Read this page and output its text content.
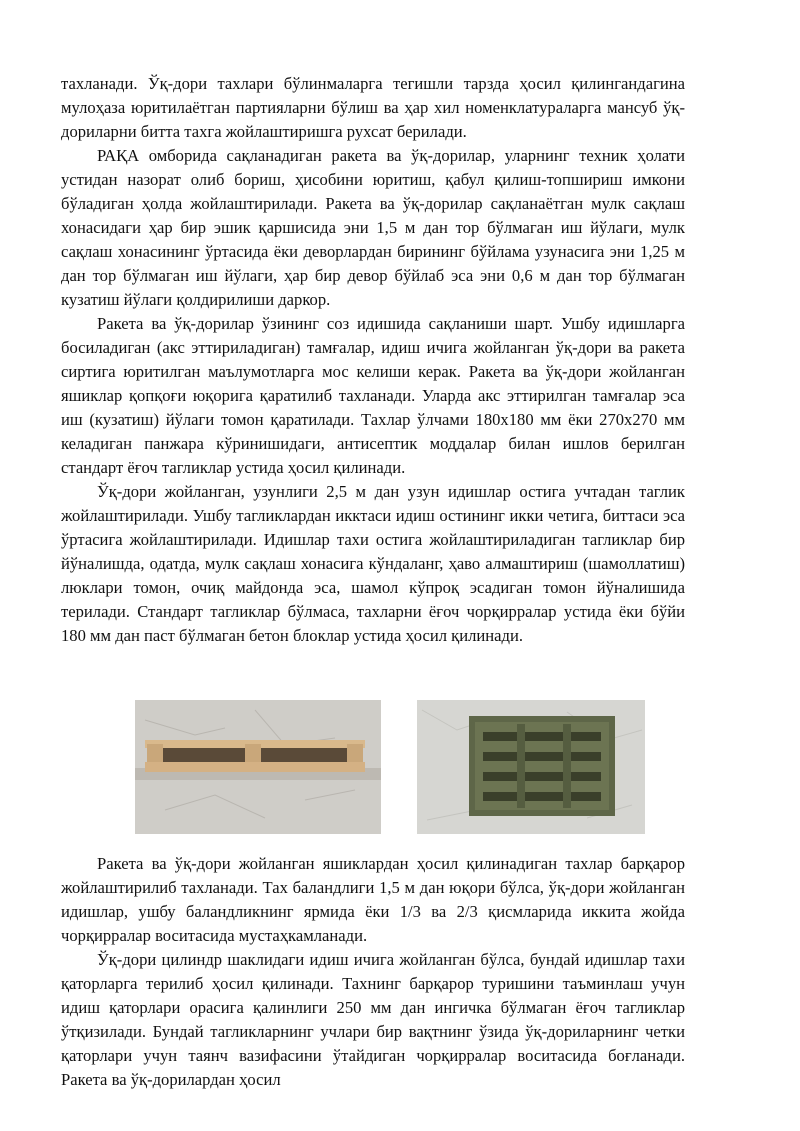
тахланади. Ўқ-дори тахлари бўлинмаларга тегишли тарзда ҳосил қилингандагина мулоҳаза юритилаётган партияларни бўлиш ва ҳар хил номенклатураларга мансуб ўқ-дориларни битта тахга жойлаштиришга рухсат берилади.

РАҚА омборида сақланадиган ракета ва ўқ-дорилар, уларнинг техник ҳолати устидан назорат олиб бориш, ҳисобини юритиш, қабул қилиш-топшириш имкони бўладиган ҳолда жойлаштирилади. Ракета ва ўқ-дорилар сақланаётган мулк сақлаш хонасидаги ҳар бир эшик қаршисида эни 1,5 м дан тор бўлмаган иш йўлаги, мулк сақлаш хонасининг ўртасида ёки деворлардан бирининг бўйлама узунасига эни 1,25 м дан тор бўлмаган иш йўлаги, ҳар бир девор бўйлаб эса эни 0,6 м дан тор бўлмаган кузатиш йўлаги қолдирилиши даркор.

Ракета ва ўқ-дорилар ўзининг соз идишида сақланиши шарт. Ушбу идишларга босиладиган (акс эттириладиган) тамғалар, идиш ичига жойланган ўқ-дори ва ракета сиртига юритилган маълумотларга мос келиши керак. Ракета ва ўқ-дори жойланган яшиклар қопқоғи юқорига қаратилиб тахланади. Уларда акс эттирилган тамғалар эса иш (кузатиш) йўлаги томон қаратилади. Тахлар ўлчами 180х180 мм ёки 270х270 мм келадиган панжара кўринишидаги, антисептик моддалар билан ишлов берилган стандарт ёғоч тагликлар устида ҳосил қилинади.

Ўқ-дори жойланган, узунлиги 2,5 м дан узун идишлар остига учтадан таглик жойлаштирилади. Ушбу тагликлардан икктаси идиш остининг икки четига, биттаси эса ўртасига жойлаштирилади. Идишлар тахи остига жойлаштириладиган тагликлар бир йўналишда, одатда, мулк сақлаш хонасига кўндаланг, ҳаво алмаштириш (шамоллатиш) люклари томон, очиқ майдонда эса, шамол кўпроқ эсадиган томон йўналишида терилади. Стандарт тагликлар бўлмаса, тахларни ёғоч чорқирралар устида ёки бўйи 180 мм дан паст бўлмаган бетон блоклар устида ҳосил қилинади.

Ракета ва ўқ-дори жойланган яшиклардан ҳосил қилинадиган тахлар барқарор жойлаштирилиб тахланади. Тах баландлиги 1,5 м дан юқори бўлса, ўқ-дори жойланган идишлар, ушбу баландликнинг ярмида ёки 1/3 ва 2/3 қисмларида иккита жойда чорқирралар воситасида мустаҳкамланади.

Ўқ-дори цилиндр шаклидаги идиш ичига жойланган бўлса, бундай идишлар тахи қаторларга терилиб ҳосил қилинади. Тахнинг барқарор туришини таъминлаш учун идиш қаторлари орасига қалинлиги 250 мм дан ингичка бўлмаган ёғоч тагликлар ўтқизилади. Бундай тагликларнинг учлари бир вақтнинг ўзида ўқ-дориларнинг четки қаторлари учун таянч вазифасини ўтайдиган чорқирралар воситасида боғланади. Ракета ва ўқ-дорилардан ҳосил
